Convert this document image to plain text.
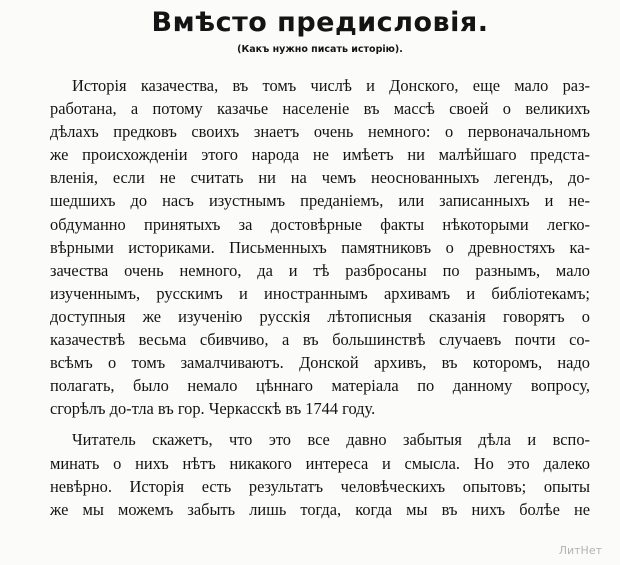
Вмѣсто предисловія.
(Какъ нужно писать исторію).
Исторія казачества, въ томъ числѣ и Донского, еще мало раз-
работана, а потому казачье населеніе въ массѣ своей о великихъ
дѣлахъ предковъ своихъ знаетъ очень немного: о первоначальномъ
же происхожденіи этого народа не имѣетъ ни малѣйшаго предста-
вленія, если не считать ни на чемъ неоснованныхъ легендъ, до-
шедшихъ до насъ изустнымъ преданіемъ, или записанныхъ и не-
обдуманно принятыхъ за достовѣрные факты нѣкоторыми легко-
вѣрными историками. Письменныхъ памятниковъ о древностяхъ ка-
зачества очень немного, да и тѣ разбросаны по разнымъ, мало
изученнымъ, русскимъ и иностраннымъ архивамъ и библіотекамъ;
доступныя же изученію русскія лѣтописныя сказанія говорятъ о
казачествѣ весьма сбивчиво, а въ большинствѣ случаевъ почти со-
всѣмъ о томъ замалчиваютъ. Донской архивъ, въ которомъ, надо
полагать, было немало цѣннаго матеріала по данному вопросу,
сгорѣлъ до-тла въ гор. Черкасскѣ въ 1744 году.
Читатель скажетъ, что это все давно забытыя дѣла и вспо-
минать о нихъ нѣтъ никакого интереса и смысла. Но это далеко
невѣрно. Исторія есть результатъ человѣческихъ опытовъ; опыты
же мы можемъ забыть лишь тогда, когда мы въ нихъ болѣе не
ЛитНет
